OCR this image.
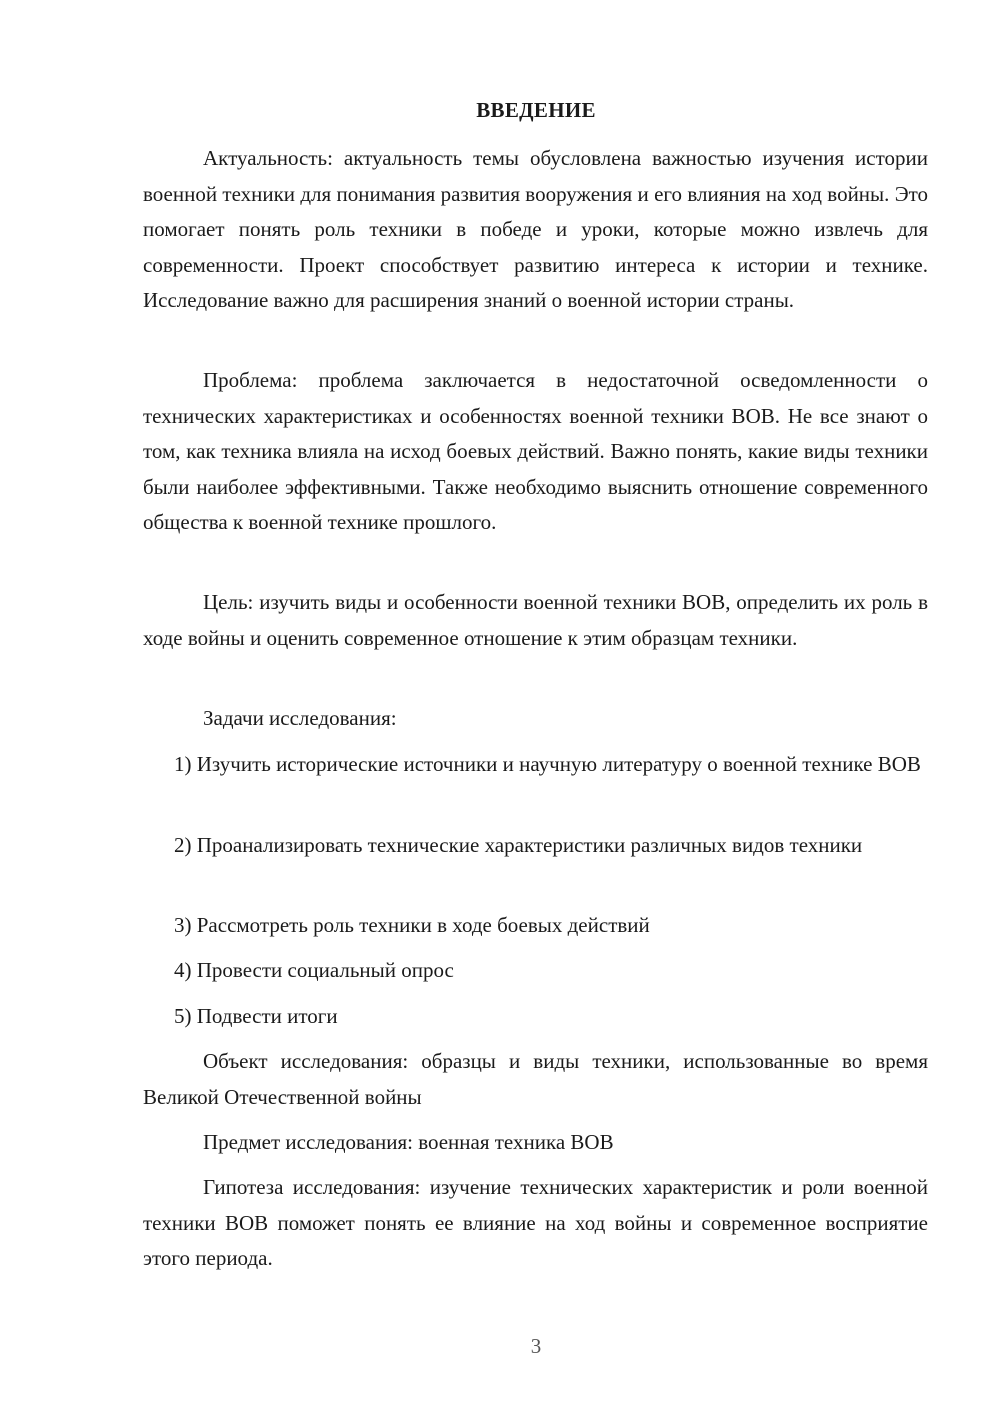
ВВЕДЕНИЕ

Актуальность: актуальность темы обусловлена важностью изучения истории военной техники для понимания развития вооружения и его влияния на ход войны. Это помогает понять роль техники в победе и уроки, которые можно извлечь для современности. Проект способствует развитию интереса к истории и технике. Исследование важно для расширения знаний о военной истории страны.

Проблема: проблема заключается в недостаточной осведомленности о технических характеристиках и особенностях военной техники ВОВ. Не все знают о том, как техника влияла на исход боевых действий. Важно понять, какие виды техники были наиболее эффективными. Также необходимо выяснить отношение современного общества к военной технике прошлого.

Цель: изучить виды и особенности военной техники ВОВ, определить их роль в ходе войны и оценить современное отношение к этим образцам техники.

Задачи исследования:

1) Изучить исторические источники и научную литературу о военной технике ВОВ

2) Проанализировать технические характеристики различных видов техники

3) Рассмотреть роль техники в ходе боевых действий

4) Провести социальный опрос

5) Подвести итоги

Объект исследования: образцы и виды техники, использованные во время Великой Отечественной войны

Предмет исследования: военная техника ВОВ

Гипотеза исследования: изучение технических характеристик и роли военной техники ВОВ поможет понять ее влияние на ход войны и современное восприятие этого периода.

3
